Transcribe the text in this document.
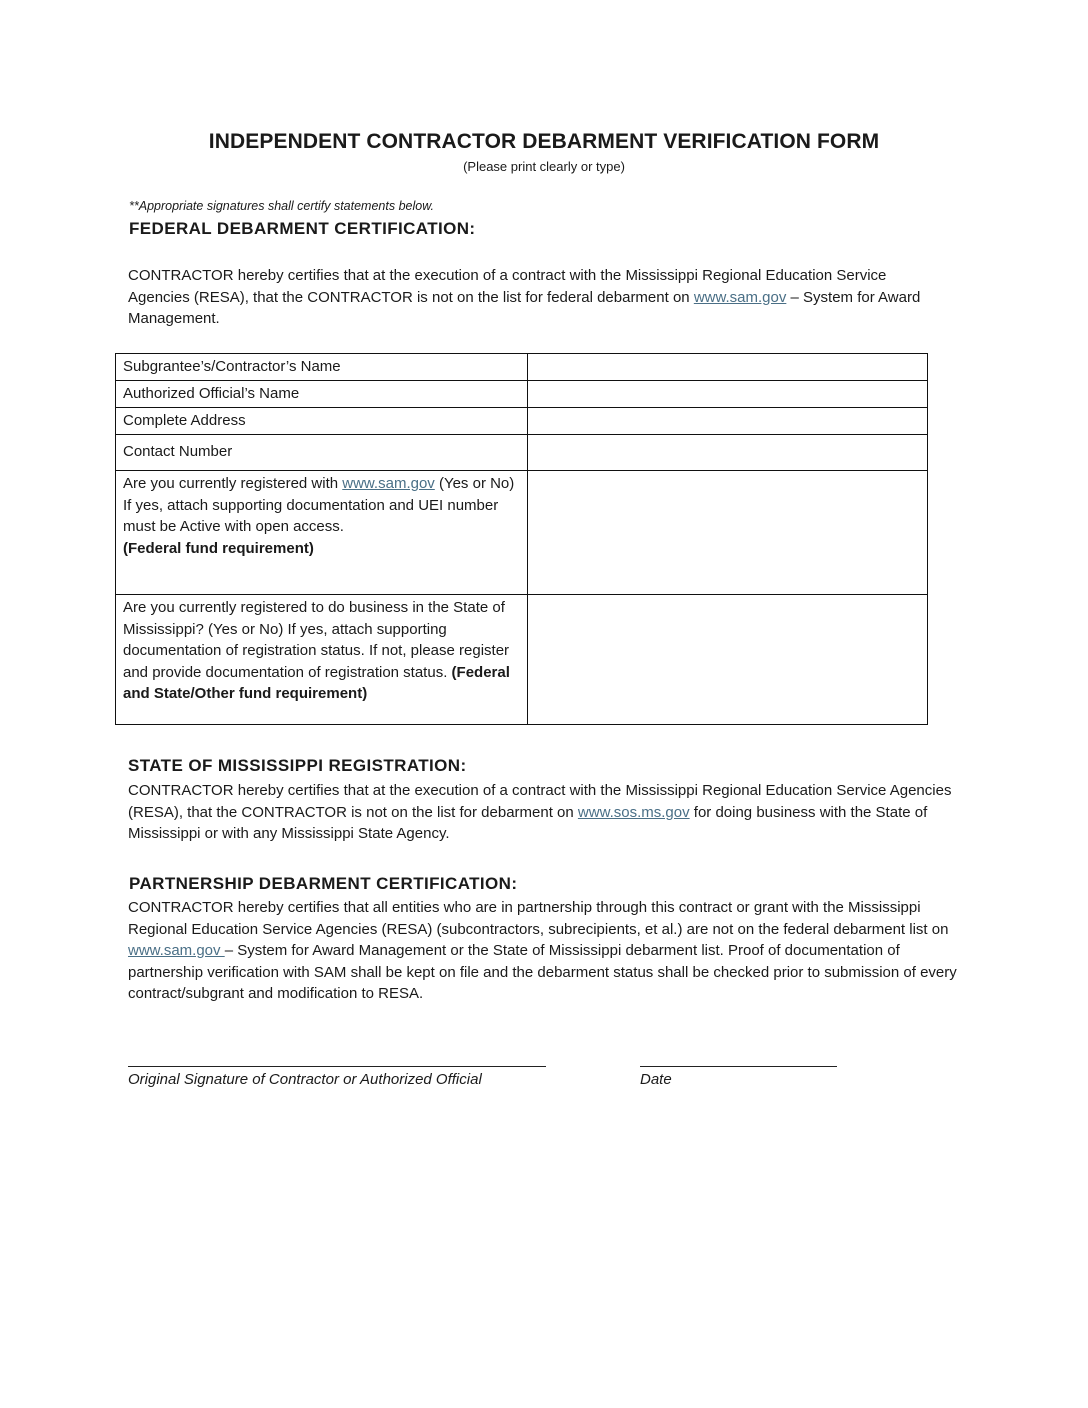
INDEPENDENT CONTRACTOR DEBARMENT VERIFICATION FORM
(Please print clearly or type)
**Appropriate signatures shall certify statements below.
FEDERAL DEBARMENT CERTIFICATION:
CONTRACTOR hereby certifies that at the execution of a contract with the Mississippi Regional Education Service Agencies (RESA), that the CONTRACTOR is not on the list for federal debarment on www.sam.gov – System for Award Management.
Subgrantee’s/Contractor’s Name	
Authorized Official’s Name	
Complete Address	
Contact Number	
Are you currently registered with www.sam.gov (Yes or No) If yes, attach supporting documentation and UEI number must be Active with open access.
(Federal fund requirement)	
Are you currently registered to do business in the State of Mississippi? (Yes or No) If yes, attach supporting documentation of registration status. If not, please register and provide documentation of registration status. (Federal and State/Other fund requirement)	
STATE OF MISSISSIPPI REGISTRATION:
CONTRACTOR hereby certifies that at the execution of a contract with the Mississippi Regional Education Service Agencies (RESA), that the CONTRACTOR is not on the list for debarment on www.sos.ms.gov for doing business with the State of Mississippi or with any Mississippi State Agency.
PARTNERSHIP DEBARMENT CERTIFICATION:
CONTRACTOR hereby certifies that all entities who are in partnership through this contract or grant with the Mississippi Regional Education Service Agencies (RESA) (subcontractors, subrecipients, et al.) are not on the federal debarment list on www.sam.gov – System for Award Management or the State of Mississippi debarment list. Proof of documentation of partnership verification with SAM shall be kept on file and the debarment status shall be checked prior to submission of every contract/subgrant and modification to RESA.
Original Signature of Contractor or Authorized Official	Date
